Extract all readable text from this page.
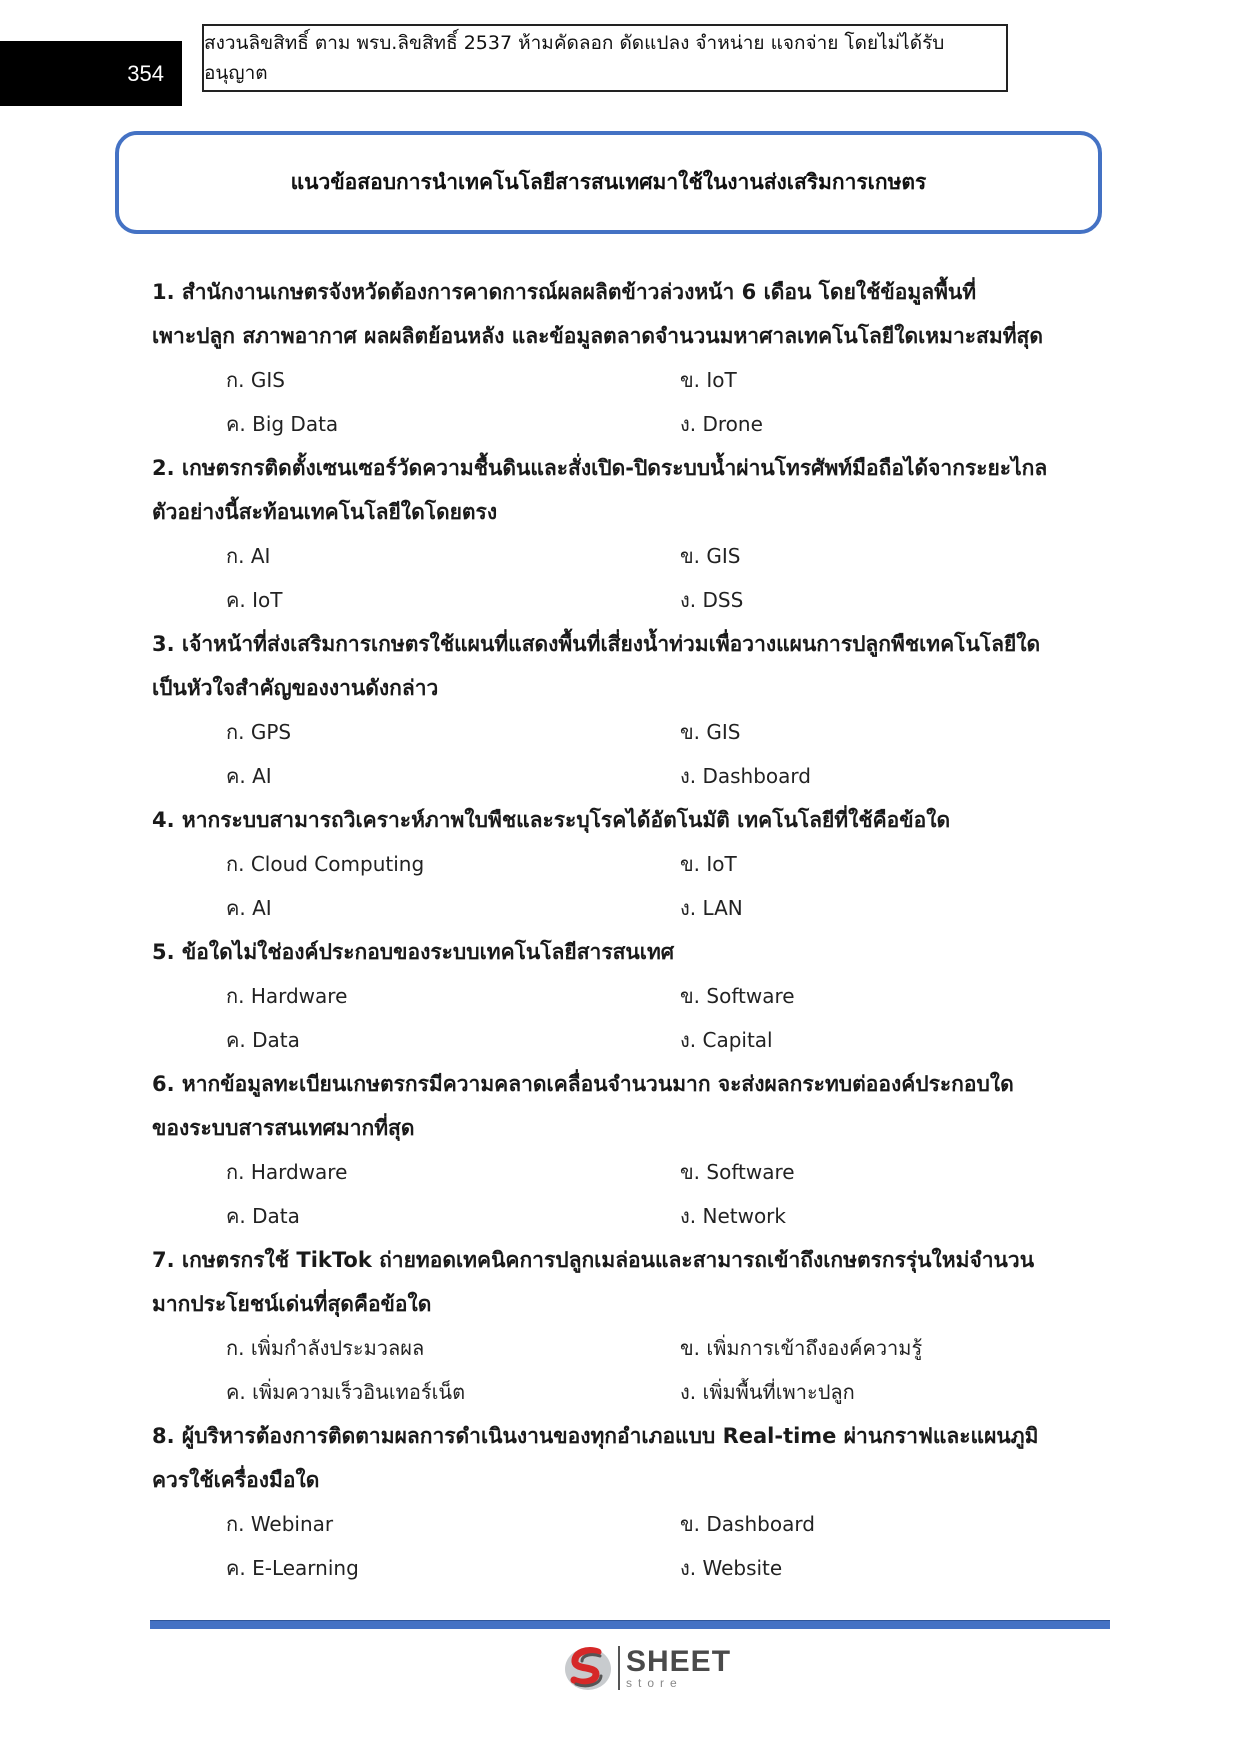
354
สงวนลิขสิทธิ์ ตาม พรบ.ลิขสิทธิ์ 2537 ห้ามคัดลอก ดัดแปลง จำหน่าย แจกจ่าย โดยไม่ได้รับอนุญาต
แนวข้อสอบการนำเทคโนโลยีสารสนเทศมาใช้ในงานส่งเสริมการเกษตร

1. สำนักงานเกษตรจังหวัดต้องการคาดการณ์ผลผลิตข้าวล่วงหน้า 6 เดือน โดยใช้ข้อมูลพื้นที่

เพาะปลูก สภาพอากาศ ผลผลิตย้อนหลัง และข้อมูลตลาดจำนวนมหาศาลเทคโนโลยีใดเหมาะสมที่สุด

ก. GIS	ข. IoT
ค. Big Data	ง. Drone

2. เกษตรกรติดตั้งเซนเซอร์วัดความชื้นดินและสั่งเปิด-ปิดระบบน้ำผ่านโทรศัพท์มือถือได้จากระยะไกล

ตัวอย่างนี้สะท้อนเทคโนโลยีใดโดยตรง

ก. AI	ข. GIS
ค. IoT	ง. DSS

3. เจ้าหน้าที่ส่งเสริมการเกษตรใช้แผนที่แสดงพื้นที่เสี่ยงน้ำท่วมเพื่อวางแผนการปลูกพืชเทคโนโลยีใด

เป็นหัวใจสำคัญของงานดังกล่าว

ก. GPS	ข. GIS
ค. AI	ง. Dashboard

4. หากระบบสามารถวิเคราะห์ภาพใบพืชและระบุโรคได้อัตโนมัติ เทคโนโลยีที่ใช้คือข้อใด

ก. Cloud Computing	ข. IoT
ค. AI	ง. LAN

5. ข้อใดไม่ใช่องค์ประกอบของระบบเทคโนโลยีสารสนเทศ

ก. Hardware	ข. Software
ค. Data	ง. Capital

6. หากข้อมูลทะเบียนเกษตรกรมีความคลาดเคลื่อนจำนวนมาก จะส่งผลกระทบต่อองค์ประกอบใด

ของระบบสารสนเทศมากที่สุด

ก. Hardware	ข. Software
ค. Data	ง. Network

7. เกษตรกรใช้ TikTok ถ่ายทอดเทคนิคการปลูกเมล่อนและสามารถเข้าถึงเกษตรกรรุ่นใหม่จำนวน

มากประโยชน์เด่นที่สุดคือข้อใด

ก. เพิ่มกำลังประมวลผล	ข. เพิ่มการเข้าถึงองค์ความรู้
ค. เพิ่มความเร็วอินเทอร์เน็ต	ง. เพิ่มพื้นที่เพาะปลูก

8. ผู้บริหารต้องการติดตามผลการดำเนินงานของทุกอำเภอแบบ Real-time ผ่านกราฟและแผนภูมิ

ควรใช้เครื่องมือใด

ก. Webinar	ข. Dashboard
ค. E-Learning	ง. Website
SHEET
store
